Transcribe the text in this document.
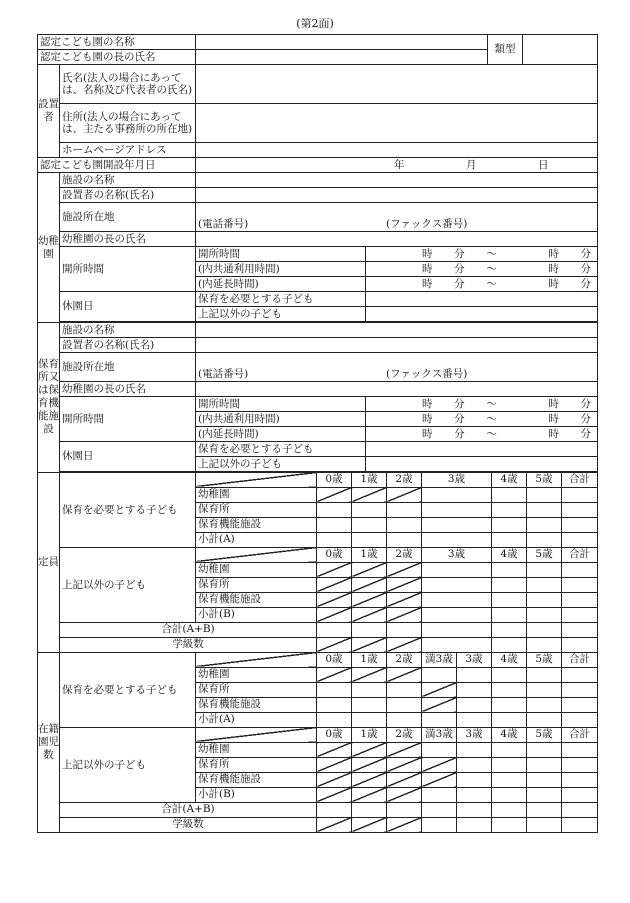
(第2面)
認定こども園の名称				類型	
認定こども園の長の氏名					
設置者	氏名(法人の場合にあっては、名称及び代表者の氏名)				
	住所(法人の場合にあっては、主たる事務所の所在地)				
	ホームページアドレス				
認定こども園開設年月日		年 月 日			

幼稚園	施設の名称				
	設置者の名称(氏名)				
	施設所在地	(電話番号) (ファックス番号)			

	幼稚園の長の氏名				
	開所時間	開所時間	時 分 〜 時 分		

		(内共通利用時間)	時 分 〜 時 分		

		(内延長時間)	時 分 〜 時 分		

	休園日	保育を必要とする子ども			
		上記以外の子ども			

保育所又は保育機能施設	施設の名称				
	設置者の名称(氏名)				
	施設所在地	(電話番号) (ファックス番号)			

	幼稚園の長の氏名				
	開所時間	開所時間	時 分 〜 時 分		

		(内共通利用時間)	時 分 〜 時 分		

		(内延長時間)	時 分 〜 時 分		

	休園日	保育を必要とする子ども			
		上記以外の子ども			

定員	保育を必要とする子ども		0歳	1歳	2歳	3歳	4歳	5歳	合計
		幼稚園							
		保育所							
		保育機能施設							
		小計(A)							
	上記以外の子ども		0歳	1歳	2歳	3歳	4歳	5歳	合計
		幼稚園							
		保育所							
		保育機能施設							
		小計(B)							
	合計(A+B)								
	学級数								
在籍園児数	保育を必要とする子ども		0歳	1歳	2歳	満3歳	3歳	4歳	5歳	合計
		幼稚園								
		保育所								
		保育機能施設								
		小計(A)								
	上記以外の子ども		0歳	1歳	2歳	満3歳	3歳	4歳	5歳	合計
		幼稚園								
		保育所								
		保育機能施設								
		小計(B)								
	合計(A+B)									
	学級数									
